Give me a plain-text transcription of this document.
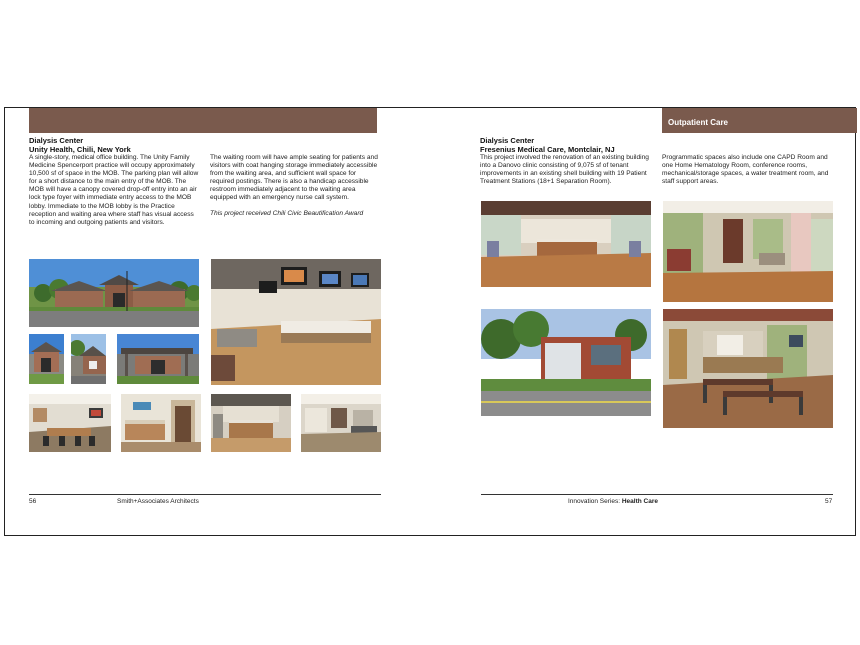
Dialysis Center
Unity Health, Chili, New York

A single-story, medical office building. The Unity Family Medicine Spencerport practice will occupy approximately 10,500 sf of space in the MOB. The parking plan will allow for a short distance to the main entry of the MOB. The MOB will have a canopy covered drop-off entry into an air lock type foyer with immediate entry access to the MOB lobby. Immediate to the MOB lobby is the Practice reception and waiting area where staff has visual access to incoming and outgoing patients and visitors.

The waiting room will have ample seating for patients and visitors with coat hanging storage immediately accessible from the waiting area, and sufficient wall space for required postings. There is also a handicap accessible restroom immediately adjacent to the waiting area equipped with an emergency nurse call system.

This project received Chili Civic Beautification Award

56	Smith+Associates Architects
Outpatient Care
Dialysis Center
Fresenius Medical Care, Montclair, NJ

This project involved the renovation of an existing building into a Danovo clinic consisting of 9,075 sf of tenant improvements in an existing shell building with 19 Patient Treatment Stations (18+1 Separation Room).

Programmatic spaces also include one CAPD Room and one Home Hematology Room, conference rooms, mechanical/storage spaces, a water treatment room, and staff support areas.

Innovation Series: Health Care	57
